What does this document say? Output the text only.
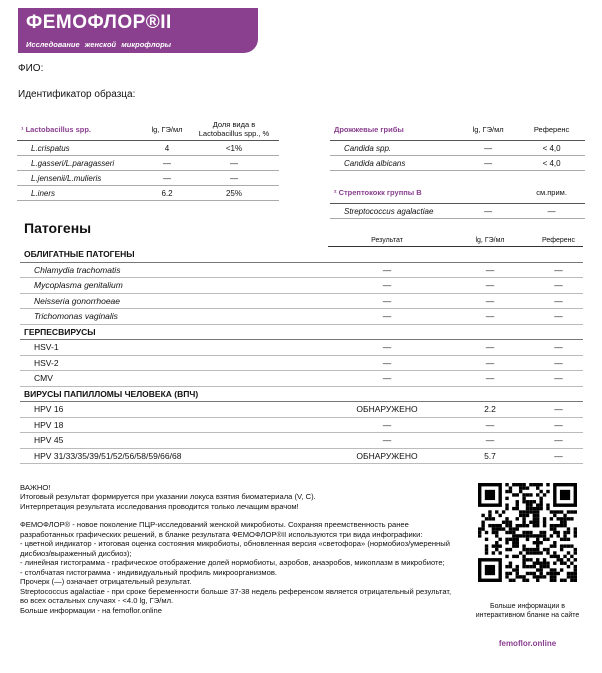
ФЕМОФЛОР®II
Исследование женской микрофлоры
ФИО:
Идентификатор образца:
¹ Lactobacillus spp.	lg, ГЭ/мл	Доля вида в Lactobacillus spp., %
L.crispatus	4	<1%
L.gasseri/L.paragasseri	—	—
L.jensenii/L.mulieris	—	—
L.iners	6.2	25%
Дрожжевые грибы	lg, ГЭ/мл	Референс
Candida spp.	—	< 4,0
Candida albicans	—	< 4,0

² Стрептококк группы В		см.прим.
Streptococcus agalactiae	—	—
Патогены
	Результат	lg, ГЭ/мл	Референс
ОБЛИГАТНЫЕ ПАТОГЕНЫ			
Chlamydia trachomatis	—	—	—
Mycoplasma genitalium	—	—	—
Neisseria gonorrhoeae	—	—	—
Trichomonas vaginalis	—	—	—
ГЕРПЕСВИРУСЫ			
HSV-1	—	—	—
HSV-2	—	—	—
CMV	—	—	—
ВИРУСЫ ПАПИЛЛОМЫ ЧЕЛОВЕКА (ВПЧ)			
HPV 16	ОБНАРУЖЕНО	2.2	—
HPV 18	—	—	—
HPV 45	—	—	—
HPV 31/33/35/39/51/52/56/58/59/66/68	ОБНАРУЖЕНО	5.7	—
ВАЖНО!
Итоговый результат формируется при указании локуса взятия биоматериала (V, C).
Интерпретация результата исследования проводится только лечащим врачом!
ФЕМОФЛОР® - новое поколение ПЦР-исследований женской микробиоты. Сохраняя преемственность ранее разработанных графических решений, в бланке результата ФЕМОФЛОР®II используются три вида инфографики:
- цветной индикатор - итоговая оценка состояния микробиоты, обновленная версия «светофора» (нормобиоз/умеренный дисбиоз/выраженный дисбиоз);
- линейная гистограмма - графическое отображение долей нормобиоты, аэробов, анаэробов, микоплазм в микробиоте;
- столбчатая гистограмма - индивидуальный профиль микроорганизмов.
Прочерк (—) означает отрицательный результат.
Streptococcus agalactiae - при сроке беременности больше 37-38 недель референсом является отрицательный результат, во всех остальных случаях - <4.0 lg, ГЭ/мл.
Больше информации - на femoflor.online	Больше информации в интерактивном бланке на сайте
femoflor.online
